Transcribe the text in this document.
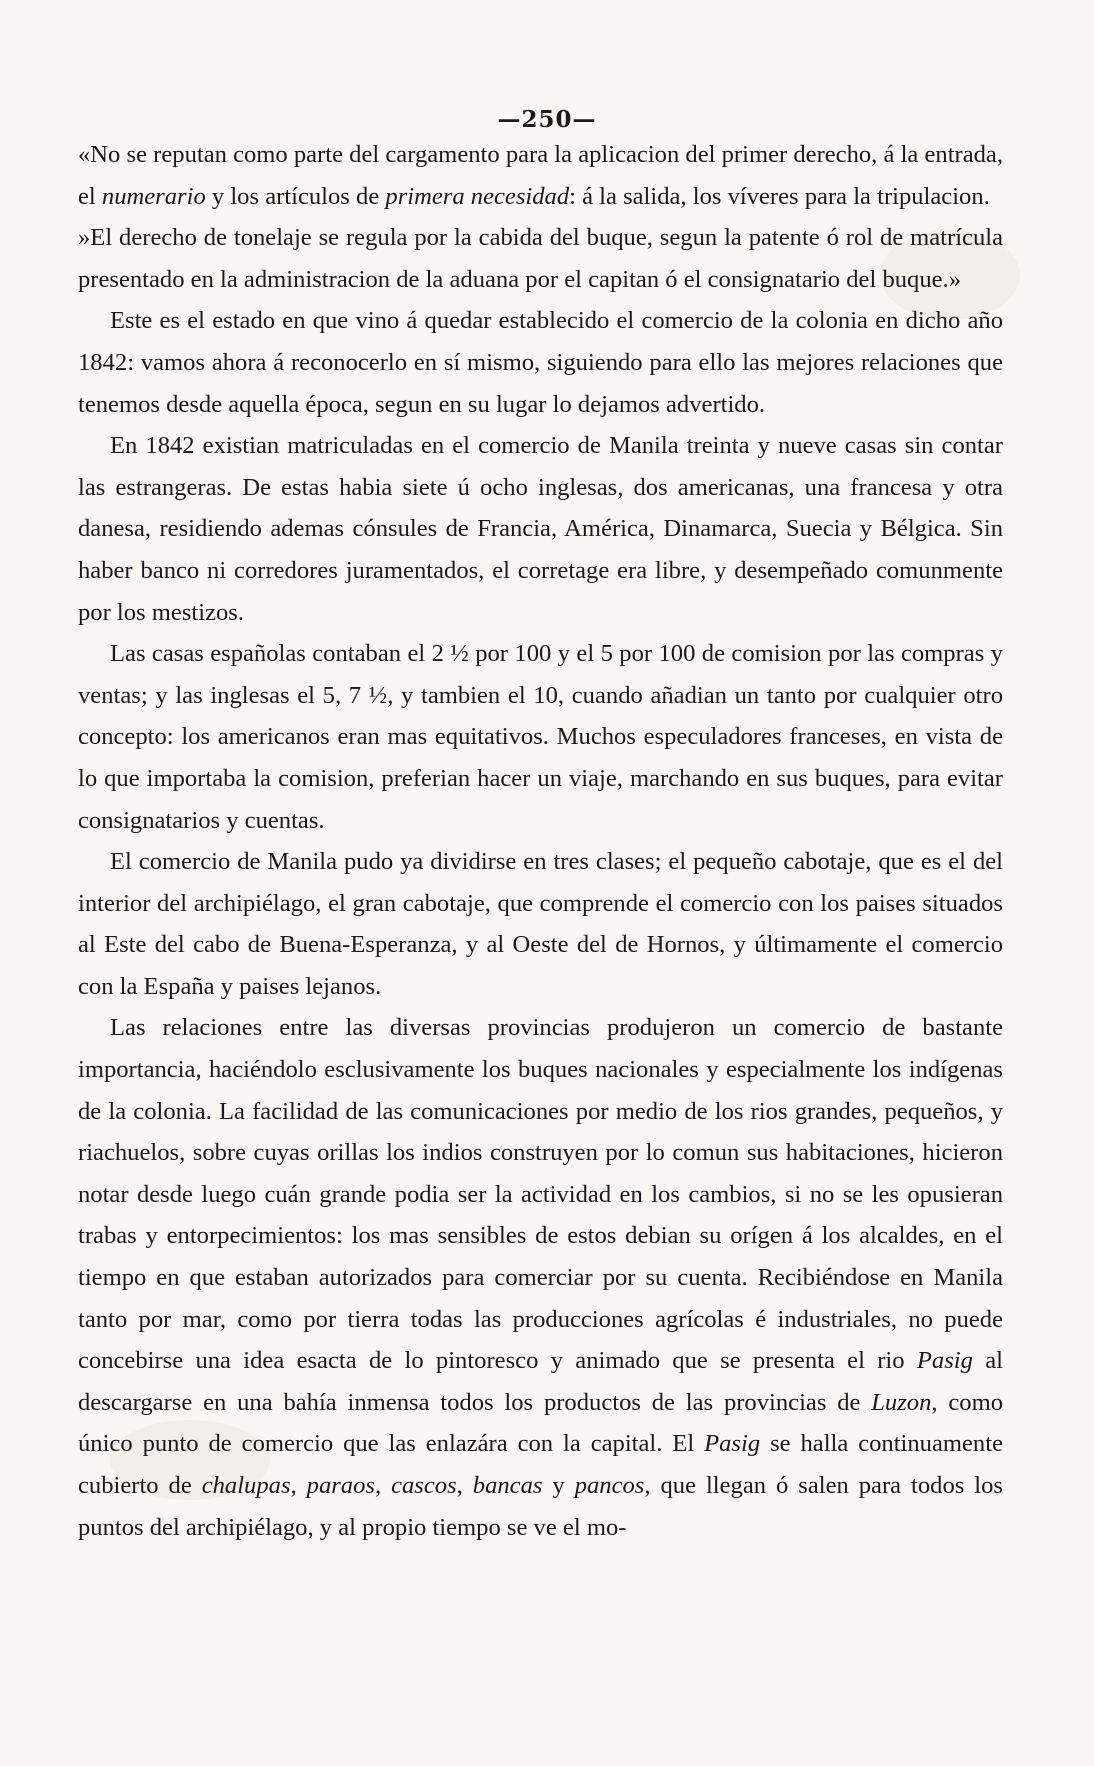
—250—

«No se reputan como parte del cargamento para la aplicacion del primer derecho, á la entrada, el numerario y los artículos de primera necesidad: á la salida, los víveres para la tripulacion.

»El derecho de tonelaje se regula por la cabida del buque, segun la patente ó rol de matrícula presentado en la administracion de la aduana por el capitan ó el consignatario del buque.»

Este es el estado en que vino á quedar establecido el comercio de la colonia en dicho año 1842: vamos ahora á reconocerlo en sí mismo, siguiendo para ello las mejores relaciones que tenemos desde aquella época, segun en su lugar lo dejamos advertido.

En 1842 existian matriculadas en el comercio de Manila treinta y nueve casas sin contar las estrangeras. De estas habia siete ú ocho inglesas, dos americanas, una francesa y otra danesa, residiendo ademas cónsules de Francia, América, Dinamarca, Suecia y Bélgica. Sin haber banco ni corredores juramentados, el corretage era libre, y desempeñado comunmente por los mestizos.

Las casas españolas contaban el 2 ½ por 100 y el 5 por 100 de comision por las compras y ventas; y las inglesas el 5, 7 ½, y tambien el 10, cuando añadian un tanto por cualquier otro concepto: los americanos eran mas equitativos. Muchos especuladores franceses, en vista de lo que importaba la comision, preferian hacer un viaje, marchando en sus buques, para evitar consignatarios y cuentas.

El comercio de Manila pudo ya dividirse en tres clases; el pequeño cabotaje, que es el del interior del archipiélago, el gran cabotaje, que comprende el comercio con los paises situados al Este del cabo de Buena-Esperanza, y al Oeste del de Hornos, y últimamente el comercio con la España y paises lejanos.

Las relaciones entre las diversas provincias produjeron un comercio de bastante importancia, haciéndolo esclusivamente los buques nacionales y especialmente los indígenas de la colonia. La facilidad de las comunicaciones por medio de los rios grandes, pequeños, y riachuelos, sobre cuyas orillas los indios construyen por lo comun sus habitaciones, hicieron notar desde luego cuán grande podia ser la actividad en los cambios, si no se les opusieran trabas y entorpecimientos: los mas sensibles de estos debian su orígen á los alcaldes, en el tiempo en que estaban autorizados para comerciar por su cuenta. Recibiéndose en Manila tanto por mar, como por tierra todas las producciones agrícolas é industriales, no puede concebirse una idea esacta de lo pintoresco y animado que se presenta el rio Pasig al descargarse en una bahía inmensa todos los productos de las provincias de Luzon, como único punto de comercio que las enlazára con la capital. El Pasig se halla continuamente cubierto de chalupas, paraos, cascos, bancas y pancos, que llegan ó salen para todos los puntos del archipiélago, y al propio tiempo se ve el mo-
